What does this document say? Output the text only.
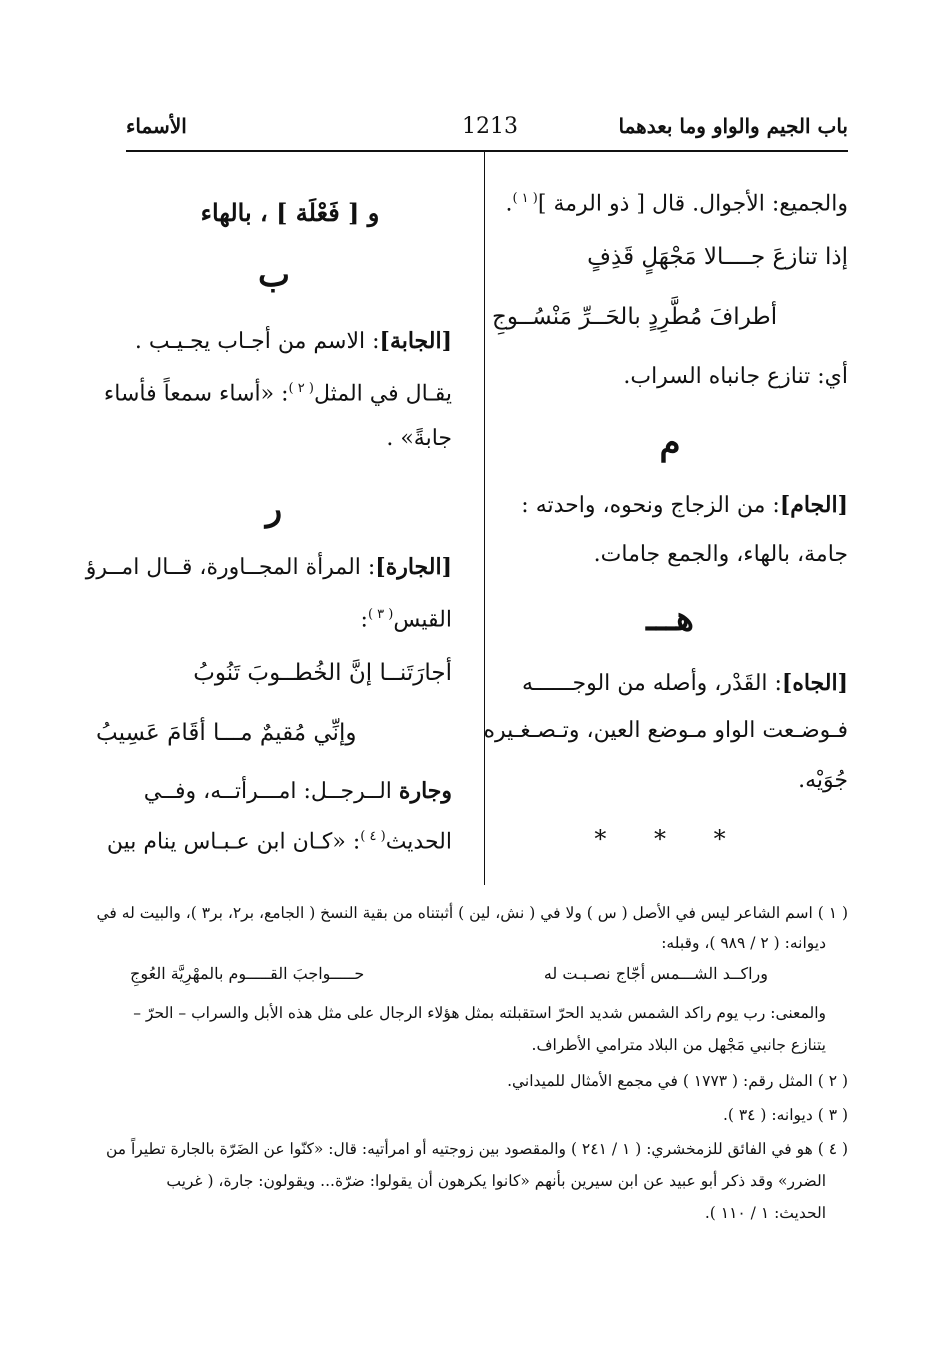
باب الجيم والواو وما بعدهما
1213
الأسماء
والجميع: الأجوال. قال [ ذو الرمة ]$^{( ١ )}$.
إذا تنازعَ جــــالا مَجْهَلٍ قَذِفٍ
أطرافَ مُطَّرِدٍ بالحَــرِّ مَنْسُــوجِ
أي: تنازع جانباه السراب.
م
[الجام]: من الزجاج ونحوه، واحدته :
جامة، بالهاء، والجمع جامات.
هـــ
[الجاه]: القَدْر، وأصله من الوجــــــه
فـوضـعت الواو مـوضع العين، وتـصـغـيره
جُوَيْه.
* * *
و [ فَعْلَة ] ، بالهاء
ب
[الجابة]: الاسم من أجـاب يجـيـب .
يقـال في المثل$^{( ٢ )}$: «أساء سمعاً فأساء
جابةً» .
ر
[الجارة]: المرأة المجــاورة، قــال امــرؤ
القيس$^{( ٣ )}$:
أجارَتَنــا إنَّ الخُطــوبَ تَنُوبُ
وإنِّي مُقيمٌ مـــا أقَامَ عَسِيبُ
وجارة الــرجــل: امـــرأتــه، وفــي
الحديث$^{( ٤ )}$: «كـان ابن عـبـاس ينام بين
( ١ ) اسم الشاعر ليس في الأصل ( س ) ولا في ( نش، لين ) أثبتناه من بقية النسخ ( الجامع، بر٢، بر٣ )، والبيت له في
ديوانه: ( ٢ / ٩٨٩ )، وقبله:
وراكــد الشـــمس أجّاج نصـبـت له
حـــــواجبَ القـــــوم بالمهْرِيَّة العُوجِ
والمعنى: رب يوم راكد الشمس شديد الحرّ استقبلته بمثل هؤلاء الرجال على مثل هذه الأبل والسراب – الحرّ –
يتنازع جانبي مَجْهل من البلاد مترامي الأطراف.
( ٢ ) المثل رقم: ( ١٧٧٣ ) في مجمع الأمثال للميداني.
( ٣ ) ديوانه: ( ٣٤ ).
( ٤ ) هو في الفائق للزمخشري: ( ١ / ٢٤١ ) والمقصود بين زوجتيه أو امرأتيه: قال: «كنّوا عن الضَرّة بالجارة تطيراً من
الضرر» وقد ذكر أبو عبيد عن ابن سيرين بأنهم «كانوا يكرهون أن يقولوا: ضرّة... ويقولون: جارة، ( غريب
الحديث: ١ / ١١٠ ).
